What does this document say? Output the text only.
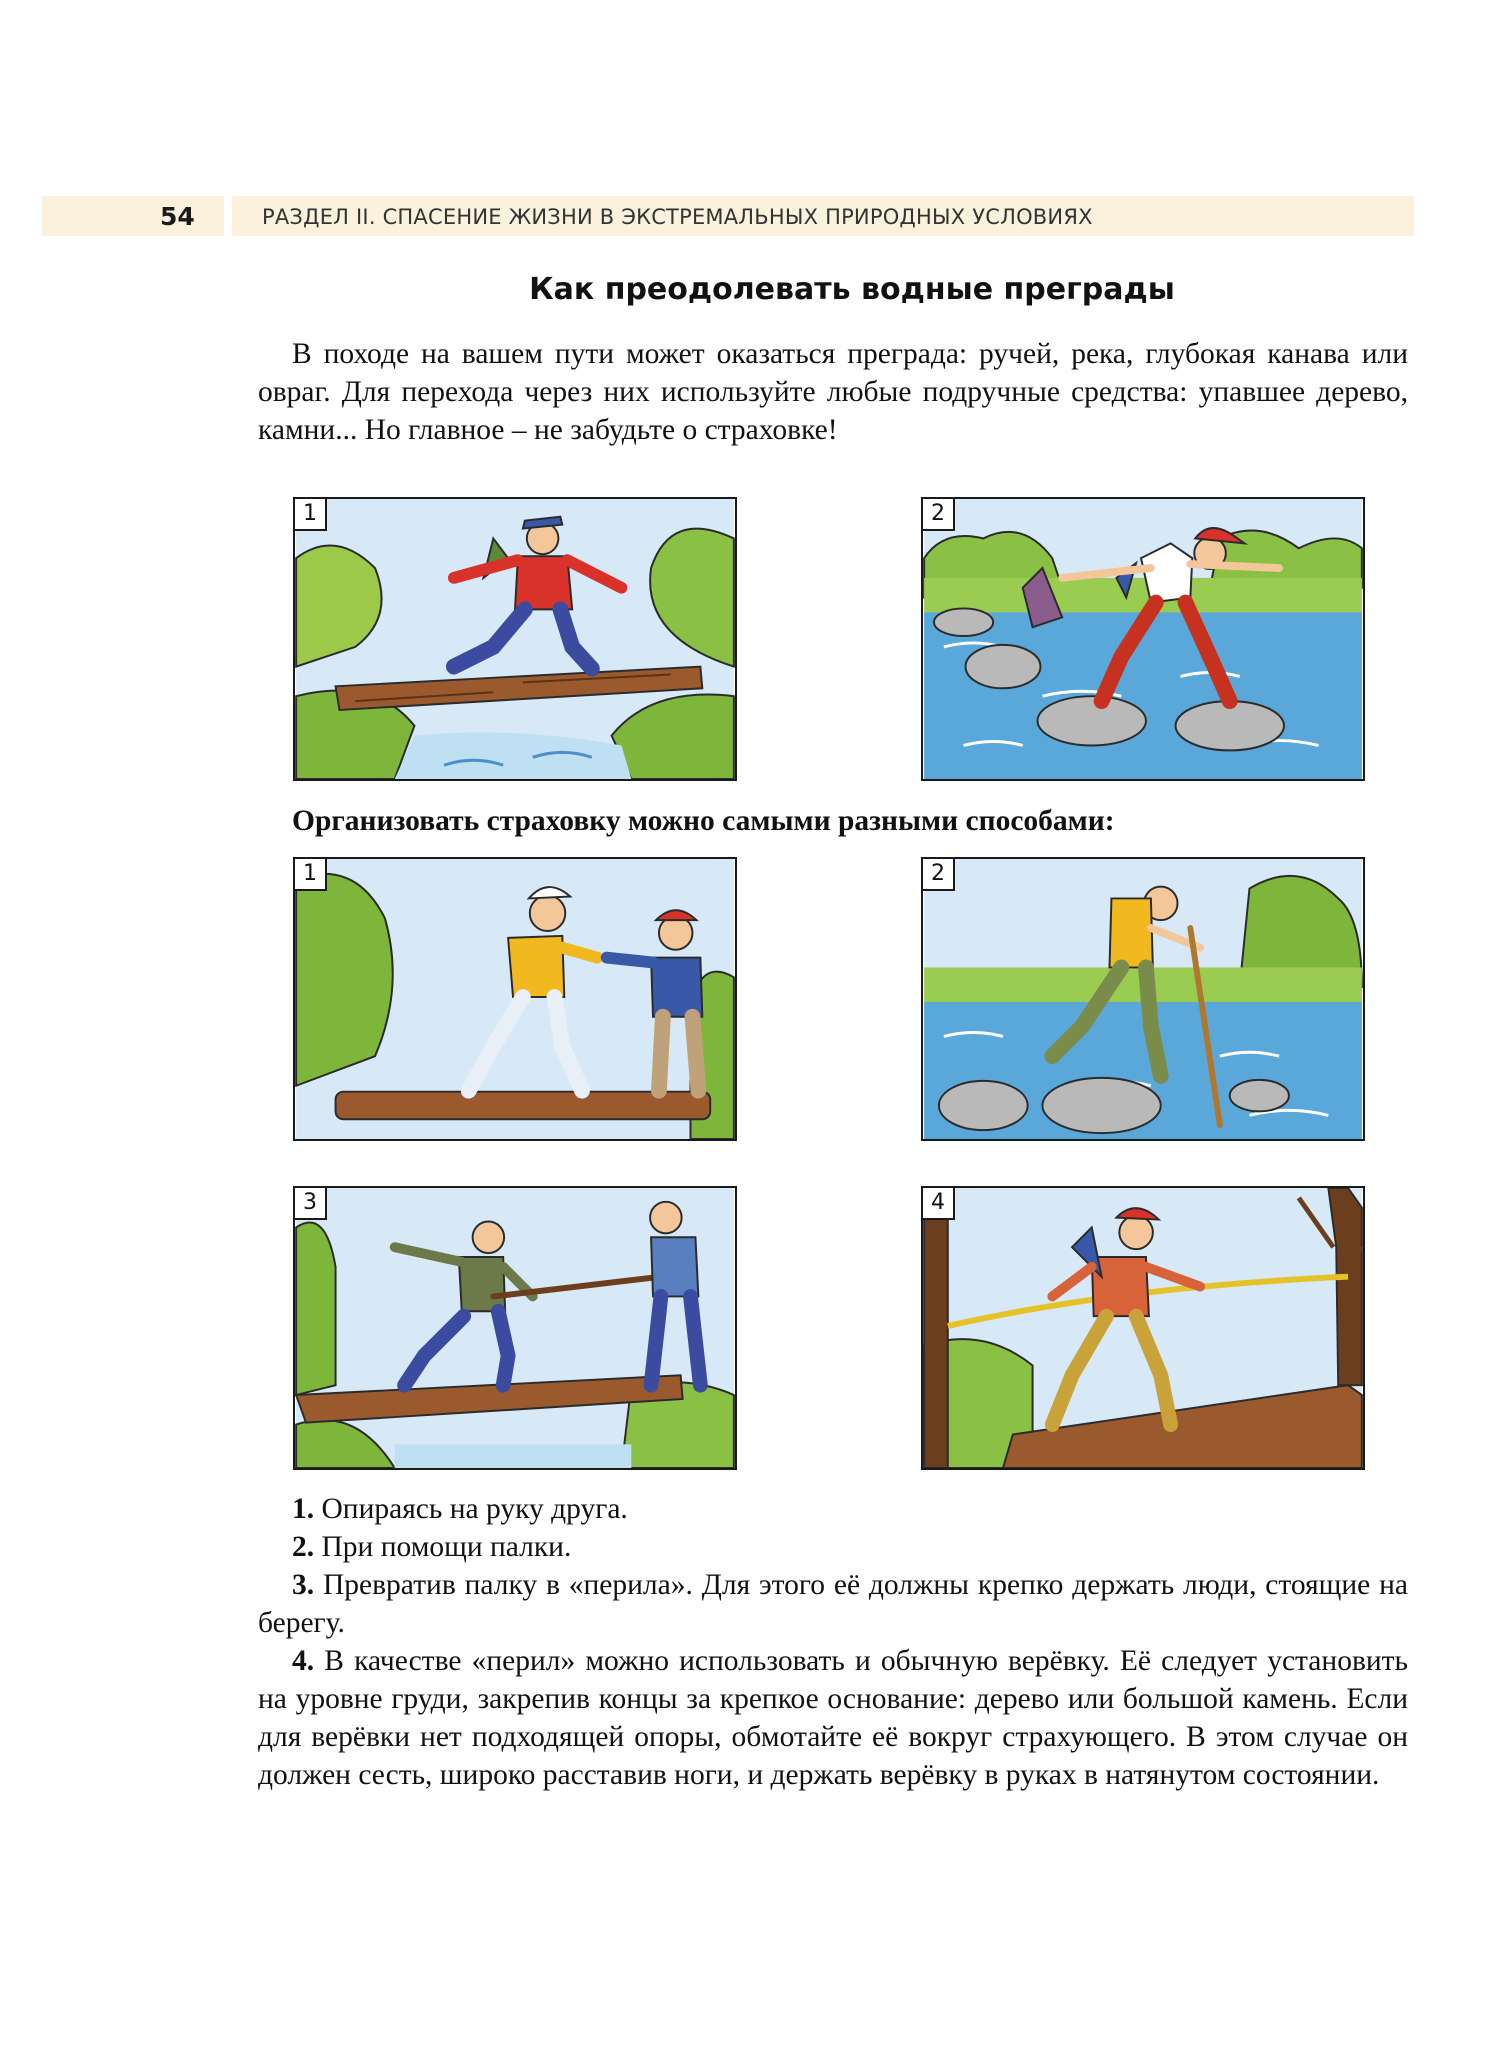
54	РАЗДЕЛ II. СПАСЕНИЕ ЖИЗНИ В ЭКСТРЕМАЛЬНЫХ ПРИРОДНЫХ УСЛОВИЯХ
Как преодолевать водные преграды
В походе на вашем пути может оказаться преграда: ручей, река, глубокая канава или овраг. Для перехода через них используйте любые подручные средства: упавшее дерево, камни... Но главное – не забудьте о страховке!
1	2
Организовать страховку можно самыми разными способами:
1	2
3	4

1. Опираясь на руку друга.

2. При помощи палки.

3. Превратив палку в «перила». Для этого её должны крепко держать люди, стоящие на берегу.

4. В качестве «перил» можно использовать и обычную верёвку. Её следует установить на уровне груди, закрепив концы за крепкое основание: дерево или большой камень. Если для верёвки нет подходящей опоры, обмотайте её вокруг страхующего. В этом случае он должен сесть, широко расставив ноги, и держать верёвку в руках в натянутом состоянии.
